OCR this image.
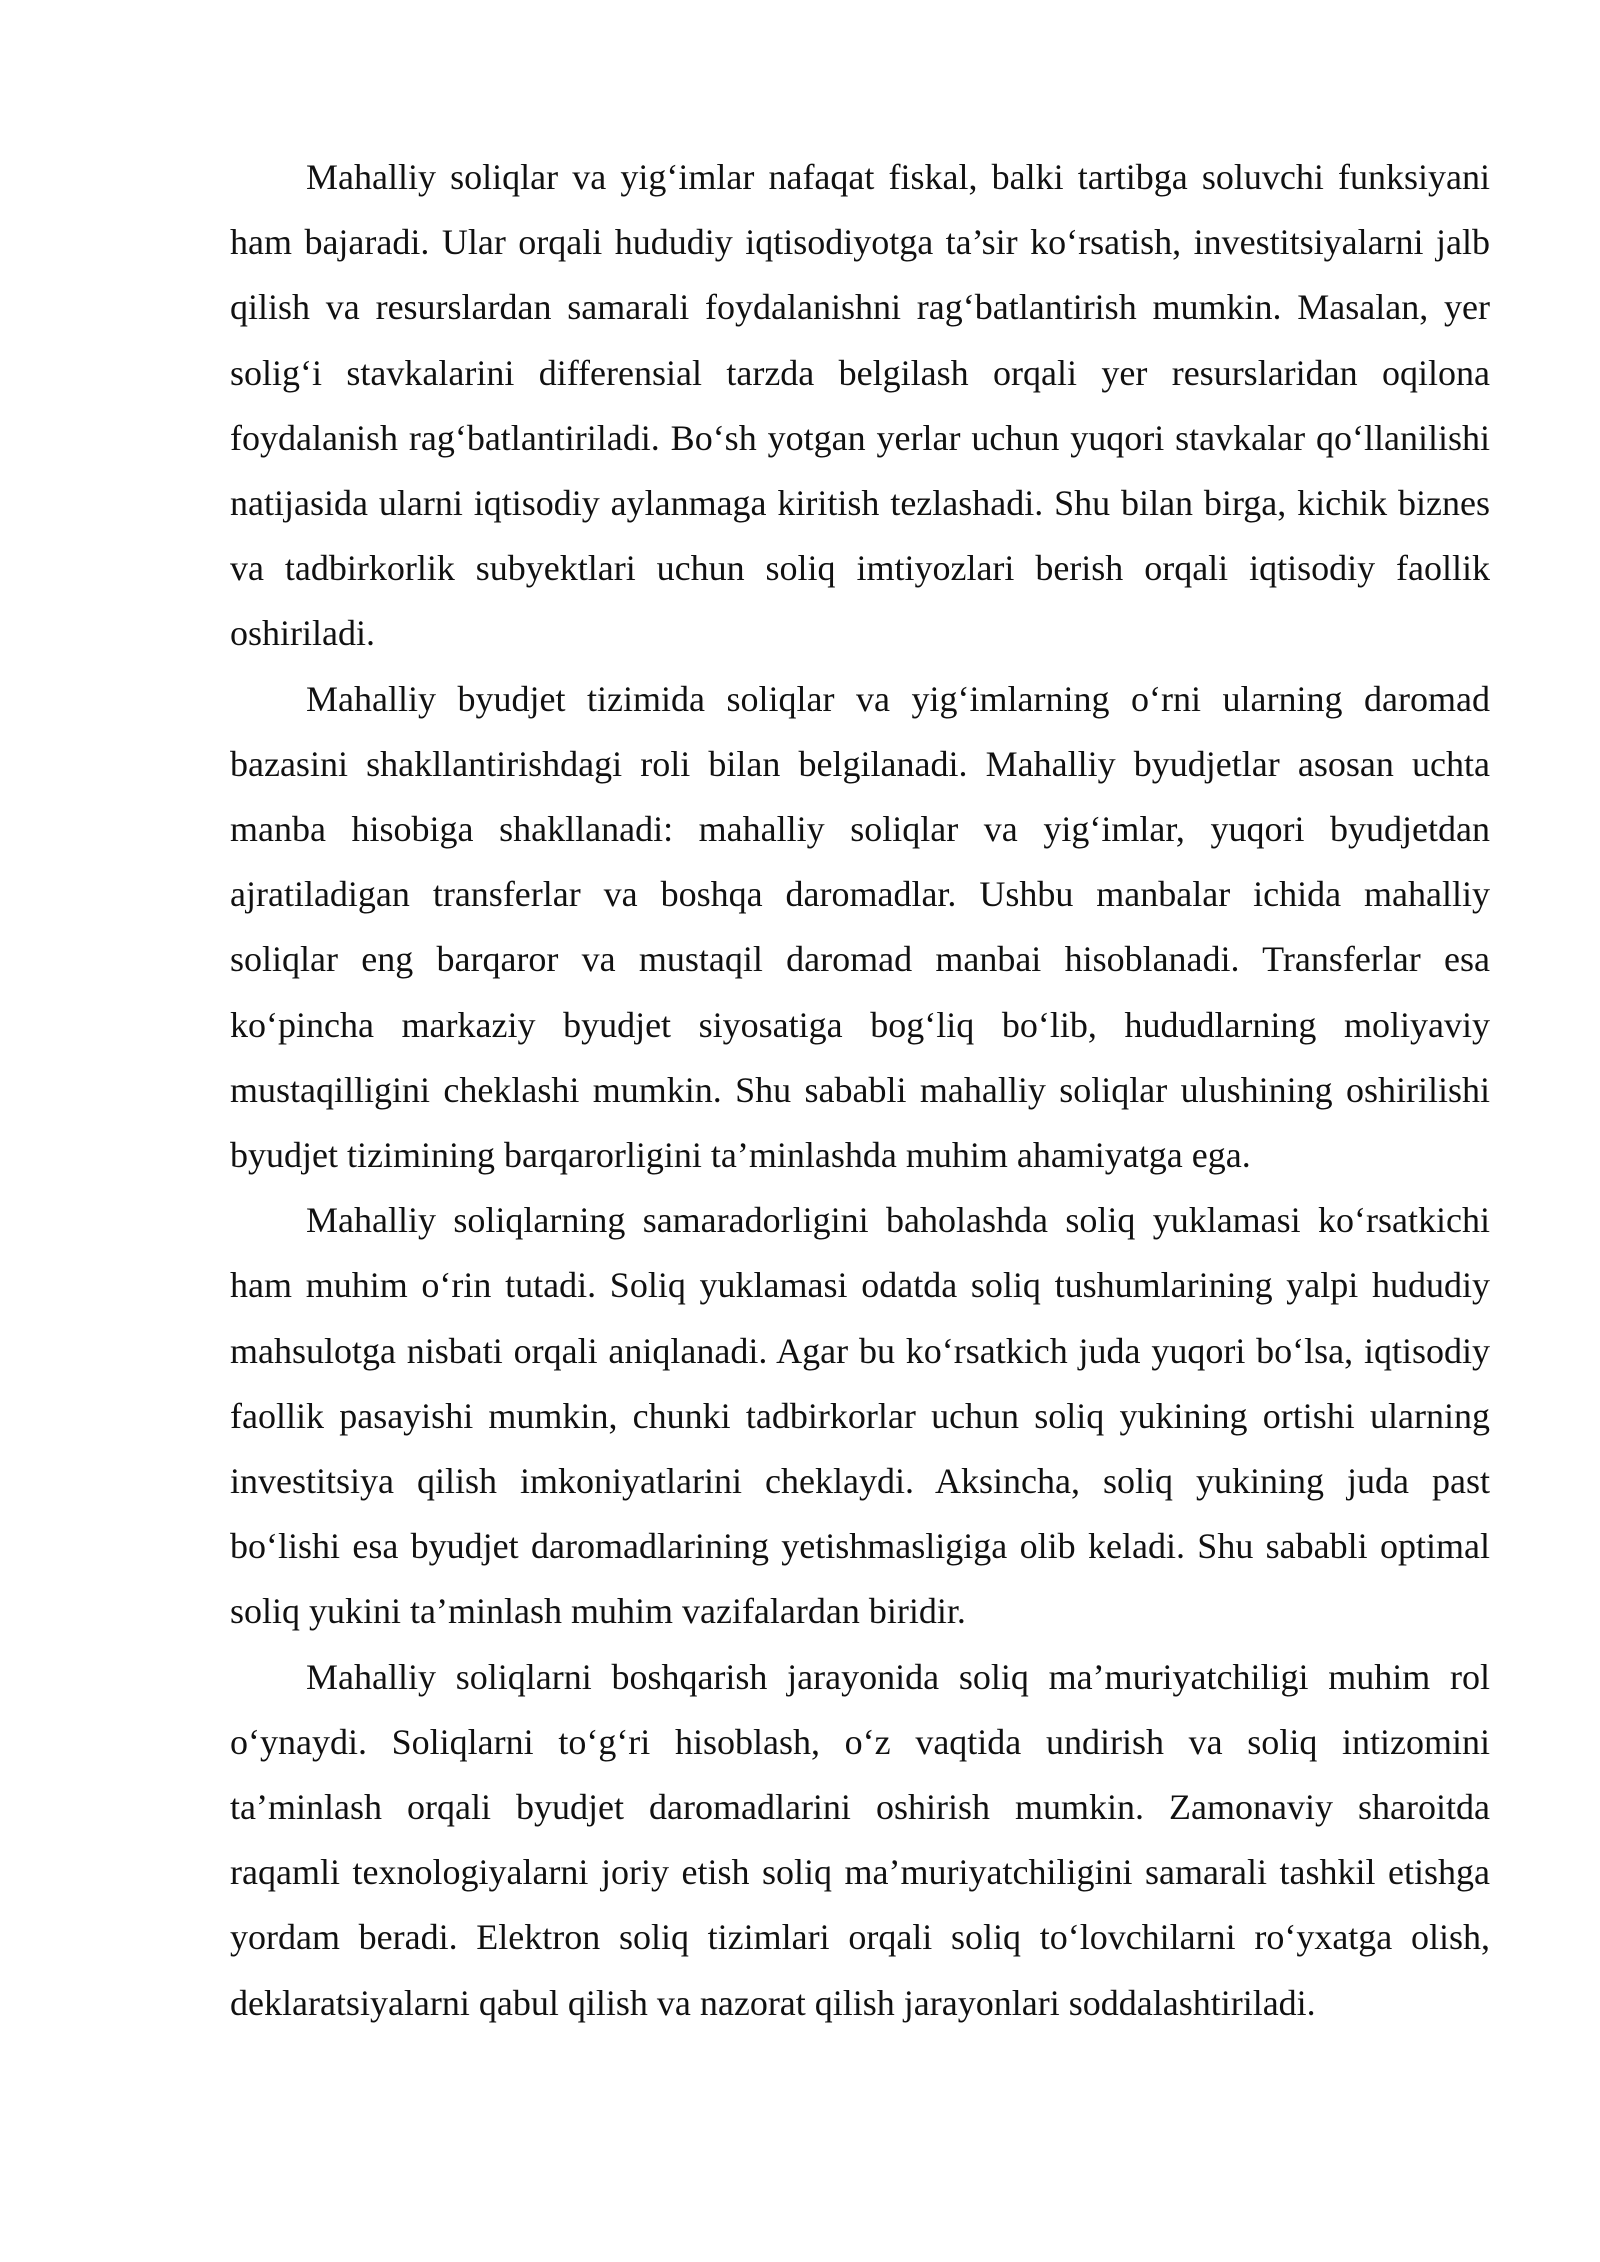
Mahalliy soliqlar va yig‘imlar nafaqat fiskal, balki tartibga soluvchi funksiyani ham bajaradi. Ular orqali hududiy iqtisodiyotga ta’sir ko‘rsatish, investitsiyalarni jalb qilish va resurslardan samarali foydalanishni rag‘batlantirish mumkin. Masalan, yer solig‘i stavkalarini differensial tarzda belgilash orqali yer resurslaridan oqilona foydalanish rag‘batlantiriladi. Bo‘sh yotgan yerlar uchun yuqori stavkalar qo‘llanilishi natijasida ularni iqtisodiy aylanmaga kiritish tezlashadi. Shu bilan birga, kichik biznes va tadbirkorlik subyektlari uchun soliq imtiyozlari berish orqali iqtisodiy faollik oshiriladi.

Mahalliy byudjet tizimida soliqlar va yig‘imlarning o‘rni ularning daromad bazasini shakllantirishdagi roli bilan belgilanadi. Mahalliy byudjetlar asosan uchta manba hisobiga shakllanadi: mahalliy soliqlar va yig‘imlar, yuqori byudjetdan ajratiladigan transferlar va boshqa daromadlar. Ushbu manbalar ichida mahalliy soliqlar eng barqaror va mustaqil daromad manbai hisoblanadi. Transferlar esa ko‘pincha markaziy byudjet siyosatiga bog‘liq bo‘lib, hududlarning moliyaviy mustaqilligini cheklashi mumkin. Shu sababli mahalliy soliqlar ulushining oshirilishi byudjet tizimining barqarorligini ta’minlashda muhim ahamiyatga ega.

Mahalliy soliqlarning samaradorligini baholashda soliq yuklamasi ko‘rsatkichi ham muhim o‘rin tutadi. Soliq yuklamasi odatda soliq tushumlarining yalpi hududiy mahsulotga nisbati orqali aniqlanadi. Agar bu ko‘rsatkich juda yuqori bo‘lsa, iqtisodiy faollik pasayishi mumkin, chunki tadbirkorlar uchun soliq yukining ortishi ularning investitsiya qilish imkoniyatlarini cheklaydi. Aksincha, soliq yukining juda past bo‘lishi esa byudjet daromadlarining yetishmasligiga olib keladi. Shu sababli optimal soliq yukini ta’minlash muhim vazifalardan biridir.

Mahalliy soliqlarni boshqarish jarayonida soliq ma’muriyatchiligi muhim rol o‘ynaydi. Soliqlarni to‘g‘ri hisoblash, o‘z vaqtida undirish va soliq intizomini ta’minlash orqali byudjet daromadlarini oshirish mumkin. Zamonaviy sharoitda raqamli texnologiyalarni joriy etish soliq ma’muriyatchiligini samarali tashkil etishga yordam beradi. Elektron soliq tizimlari orqali soliq to‘lovchilarni ro‘yxatga olish, deklaratsiyalarni qabul qilish va nazorat qilish jarayonlari soddalashtiriladi.
